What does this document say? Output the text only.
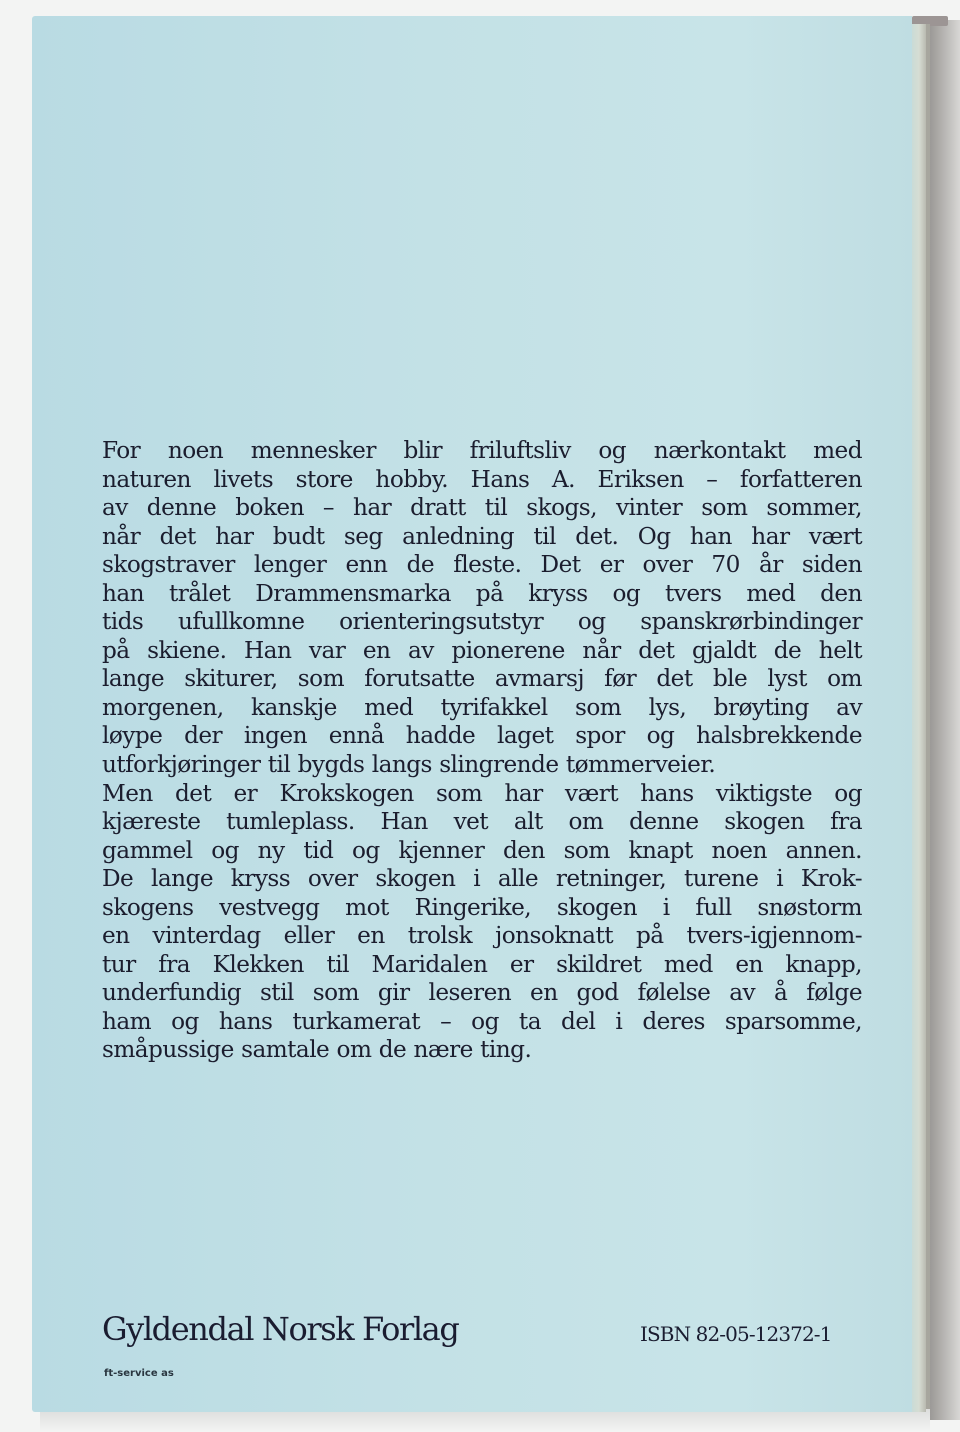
For noen mennesker blir friluftsliv og nærkontakt med
naturen livets store hobby. Hans A. Eriksen – forfatteren
av denne boken – har dratt til skogs, vinter som sommer,
når det har budt seg anledning til det. Og han har vært
skogstraver lenger enn de fleste. Det er over 70 år siden
han trålet Drammensmarka på kryss og tvers med den
tids ufullkomne orienteringsutstyr og spanskrørbindinger
på skiene. Han var en av pionerene når det gjaldt de helt
lange skiturer, som forutsatte avmarsj før det ble lyst om
morgenen, kanskje med tyrifakkel som lys, brøyting av
løype der ingen ennå hadde laget spor og halsbrekkende
utforkjøringer til bygds langs slingrende tømmerveier.
Men det er Krokskogen som har vært hans viktigste og
kjæreste tumleplass. Han vet alt om denne skogen fra
gammel og ny tid og kjenner den som knapt noen annen.
De lange kryss over skogen i alle retninger, turene i Krok-
skogens vestvegg mot Ringerike, skogen i full snøstorm
en vinterdag eller en trolsk jonsoknatt på tvers-igjennom-
tur fra Klekken til Maridalen er skildret med en knapp,
underfundig stil som gir leseren en god følelse av å følge
ham og hans turkamerat – og ta del i deres sparsomme,
småpussige samtale om de nære ting.
Gyldendal Norsk Forlag	ISBN 82-05-12372-1
ft-service as
